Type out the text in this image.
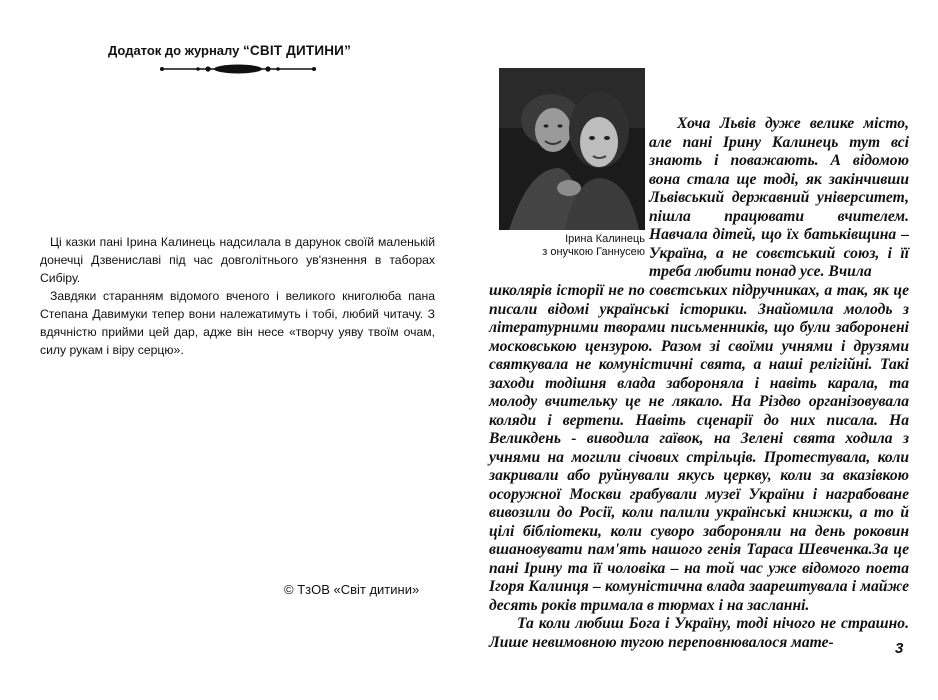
Додаток до журналу “СВІТ ДИТИНИ”

Ці казки пані Ірина Калинець надсилала в дарунок своїй маленькій донечці Дзвениславі під час довголітнього ув'язнення в таборах Сибіру.

Завдяки старанням відомого вченого і великого книголюба пана Степана Давимуки тепер вони належатимуть і тобі, любий читачу. З вдячністю прийми цей дар, адже він несе «творчу уяву твоїм очам, силу рукам і віру серцю».

© ТзОВ «Світ дитини»
Ірина Калинець
з онучкою Ганнусею

Хоча Львів дуже велике місто, але пані Ірину Калинець тут всі знають і поважають. А відомою вона стала ще тоді, як закінчивши Львівський державний університет, пішла працювати вчителем. Навчала дітей, що їх батьківщина – Україна, а не совєтський союз, і її треба любити понад усе. Вчила

школярів історії не по совєтських підручниках, а так, як це писали відомі українські історики. Знайомила молодь з літературними творами письменників, що були заборонені московською цензурою. Разом зі своїми учнями і друзями святкувала не комуністичні свята, а наші релігійні. Такі заходи тодішня влада забороняла і навіть карала, та молоду вчительку це не лякало. На Різдво організовувала коляди і вертепи. Навіть сценарії до них писала. На Великдень - виводила гаївок, на Зелені свята ходила з учнями на могили січових стрільців. Протестувала, коли закривали або руйнували якусь церкву, коли за вказівкою осоружної Москви грабували музеї України і награбоване вивозили до Росії, коли палили українські книжки, а то й цілі бібліотеки, коли суворо забороняли на день роковин вшановувати пам'ять нашого генія Тараса Шевченка.За це пані Ірину та її чоловіка – на той час уже відомого поета Ігоря Калинця – комуністична влада заарештувала і майже десять років тримала в тюрмах і на засланні.

Та коли любиш Бога і Україну, тоді нічого не страшно. Лише невимовною тугою переповнювалося мате-	3
